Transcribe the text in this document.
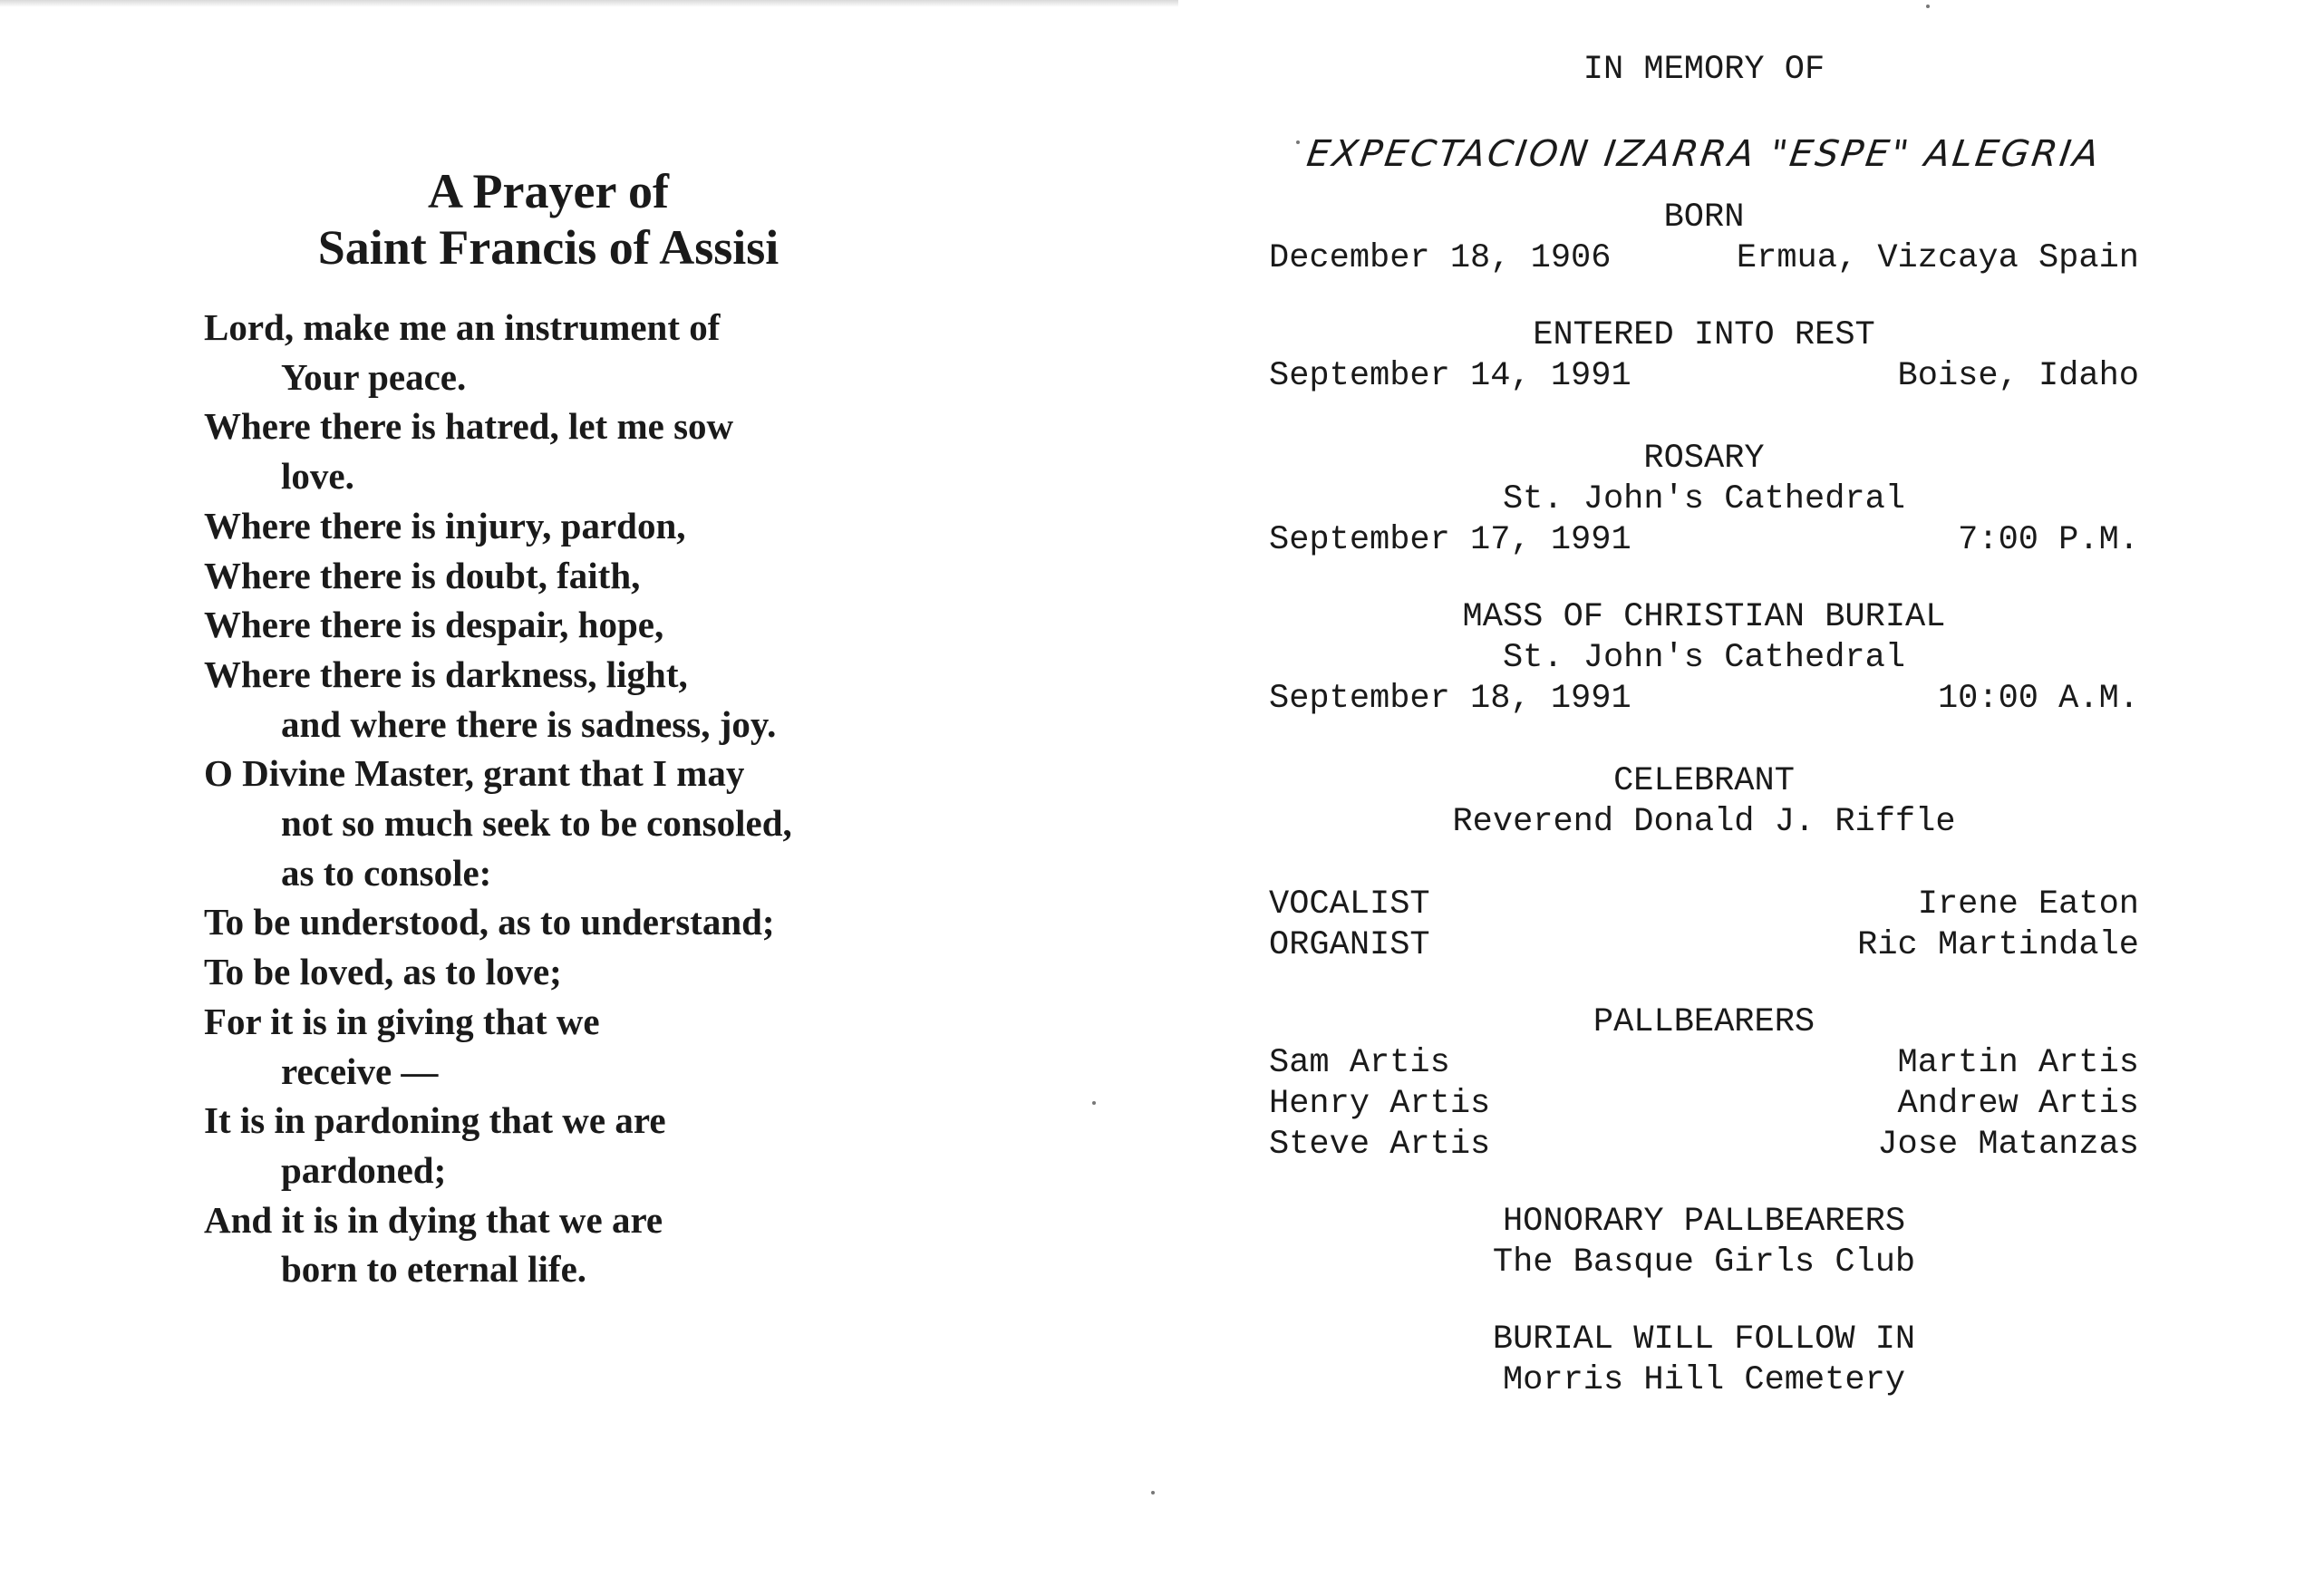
A Prayer of
Saint Francis of Assisi
Lord, make me an instrument of
Your peace.
Where there is hatred, let me sow
love.
Where there is injury, pardon,
Where there is doubt, faith,
Where there is despair, hope,
Where there is darkness, light,
and where there is sadness, joy.
O Divine Master, grant that I may
not so much seek to be consoled,
as to console:
To be understood, as to understand;
To be loved, as to love;
For it is in giving that we
receive —
It is in pardoning that we are
pardoned;
And it is in dying that we are
born to eternal life.
IN MEMORY OF
EXPECTACION IZARRA "ESPE" ALEGRIA
BORN
December 18, 1906	Ermua, Vizcaya Spain
ENTERED INTO REST
September 14, 1991	Boise, Idaho
ROSARY
St. John's Cathedral
September 17, 1991	7:00 P.M.
MASS OF CHRISTIAN BURIAL
St. John's Cathedral
September 18, 1991	10:00 A.M.
CELEBRANT
Reverend Donald J. Riffle
VOCALIST	Irene Eaton
ORGANIST	Ric Martindale
PALLBEARERS
Sam Artis	Martin Artis
Henry Artis	Andrew Artis
Steve Artis	Jose Matanzas
HONORARY PALLBEARERS
The Basque Girls Club
BURIAL WILL FOLLOW IN
Morris Hill Cemetery
